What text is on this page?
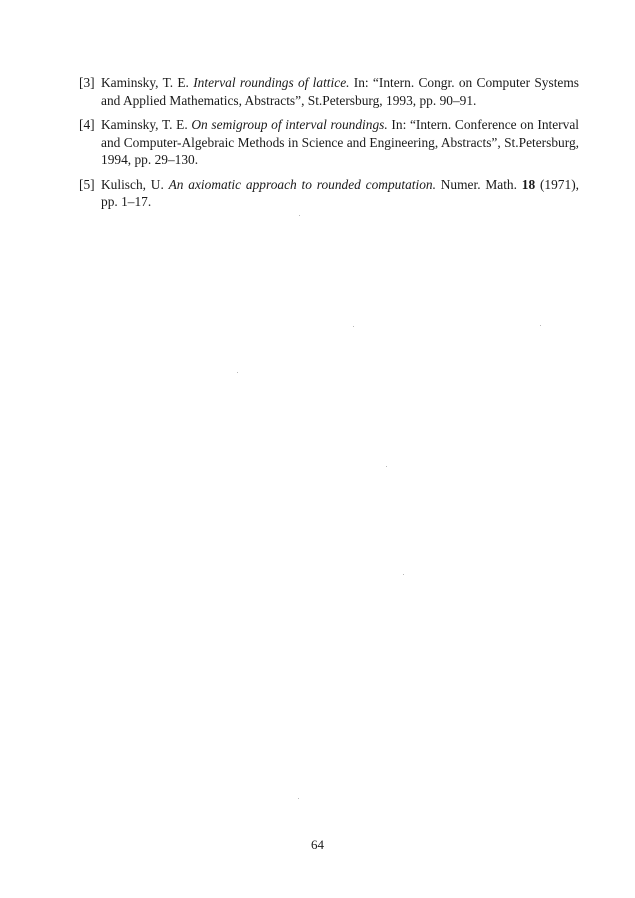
[3] Kaminsky, T. E. Interval roundings of lattice. In: “Intern. Congr. on Computer Systems and Applied Mathematics, Abstracts”, St.Petersburg, 1993, pp. 90–91.
[4] Kaminsky, T. E. On semigroup of interval roundings. In: “Intern. Conference on Interval and Computer-Algebraic Methods in Science and Engineering, Abstracts”, St.Petersburg, 1994, pp. 29–130.
[5] Kulisch, U. An axiomatic approach to rounded computation. Numer. Math. 18 (1971), pp. 1–17.
64
